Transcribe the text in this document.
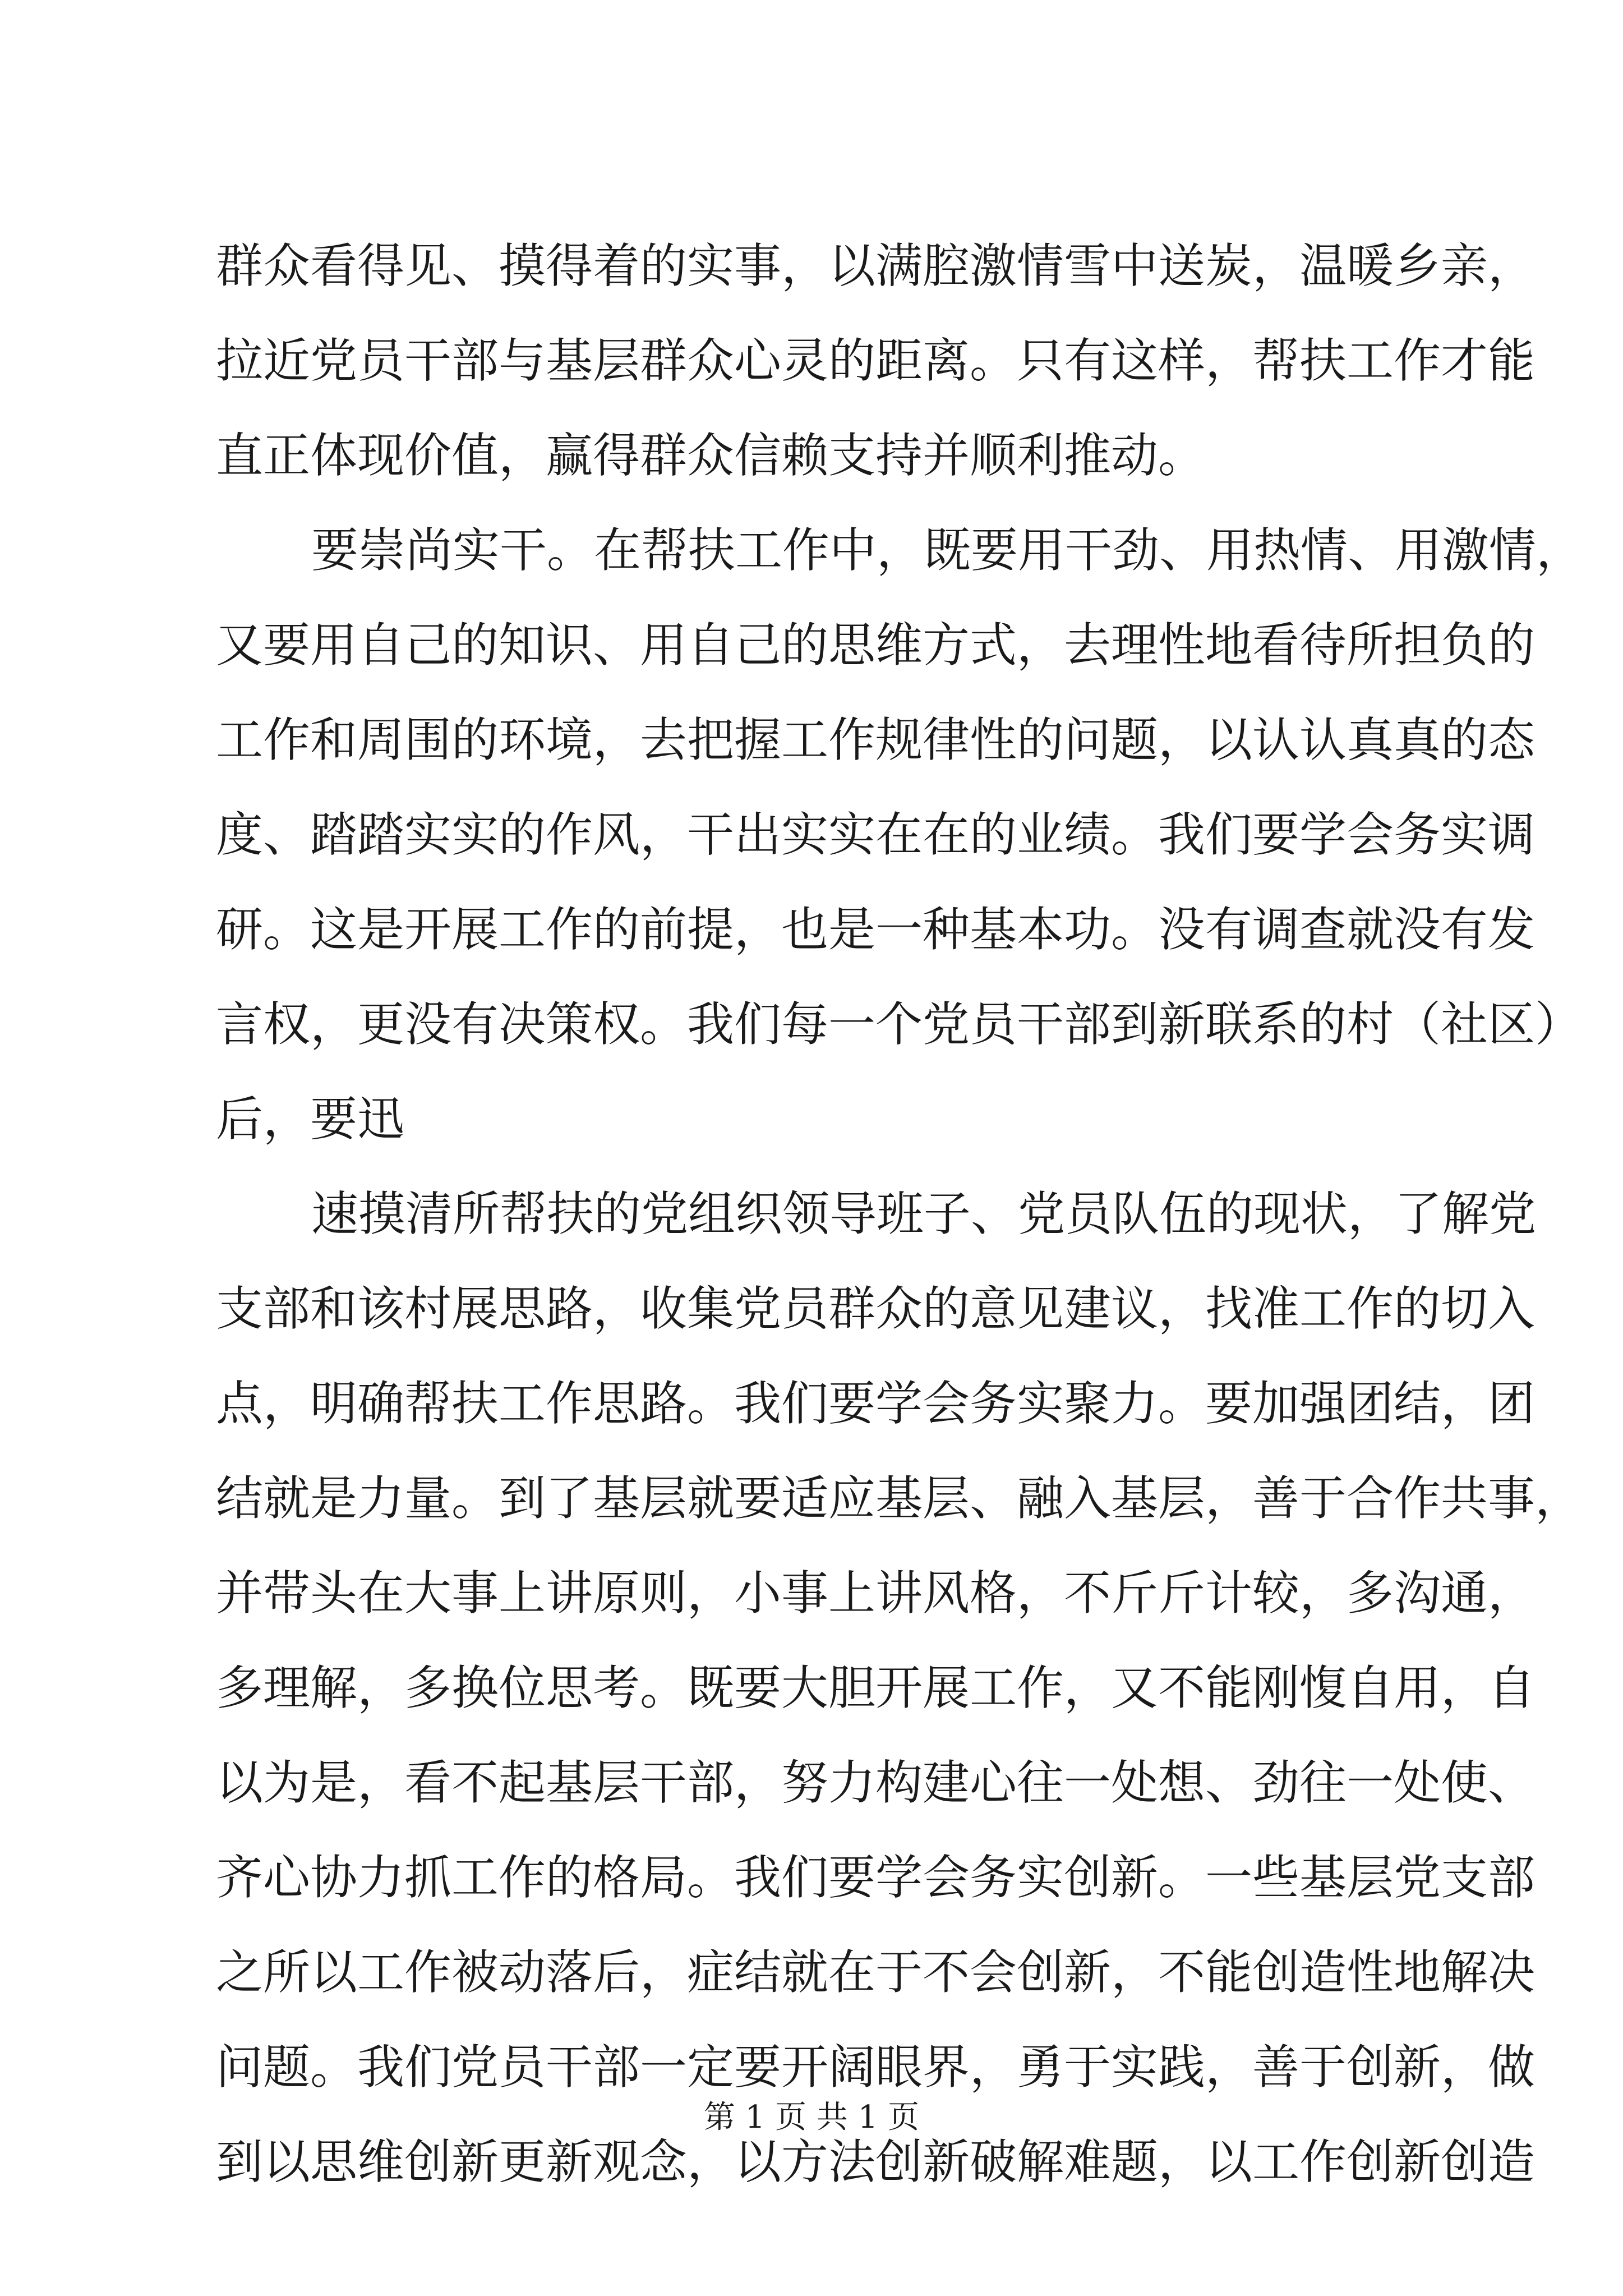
群众看得见、摸得着的实事，以满腔激情雪中送炭，温暖乡亲，
拉近党员干部与基层群众心灵的距离。只有这样，帮扶工作才能
直正体现价值，赢得群众信赖支持并顺利推动。
要崇尚实干。在帮扶工作中，既要用干劲、用热情、用激情，
又要用自己的知识、用自己的思维方式，去理性地看待所担负的
工作和周围的环境，去把握工作规律性的问题，以认认真真的态
度、踏踏实实的作风，干出实实在在的业绩。我们要学会务实调
研。这是开展工作的前提，也是一种基本功。没有调查就没有发
言权，更没有决策权。我们每一个党员干部到新联系的村（社区）
后，要迅
速摸清所帮扶的党组织领导班子、党员队伍的现状，了解党
支部和该村展思路，收集党员群众的意见建议，找准工作的切入
点，明确帮扶工作思路。我们要学会务实聚力。要加强团结，团
结就是力量。到了基层就要适应基层、融入基层，善于合作共事，
并带头在大事上讲原则，小事上讲风格，不斤斤计较，多沟通，
多理解，多换位思考。既要大胆开展工作，又不能刚愎自用，自
以为是，看不起基层干部，努力构建心往一处想、劲往一处使、
齐心协力抓工作的格局。我们要学会务实创新。一些基层党支部
之所以工作被动落后，症结就在于不会创新，不能创造性地解决
问题。我们党员干部一定要开阔眼界，勇于实践，善于创新，做
到以思维创新更新观念，以方法创新破解难题，以工作创新创造
第 1 页 共 1 页
